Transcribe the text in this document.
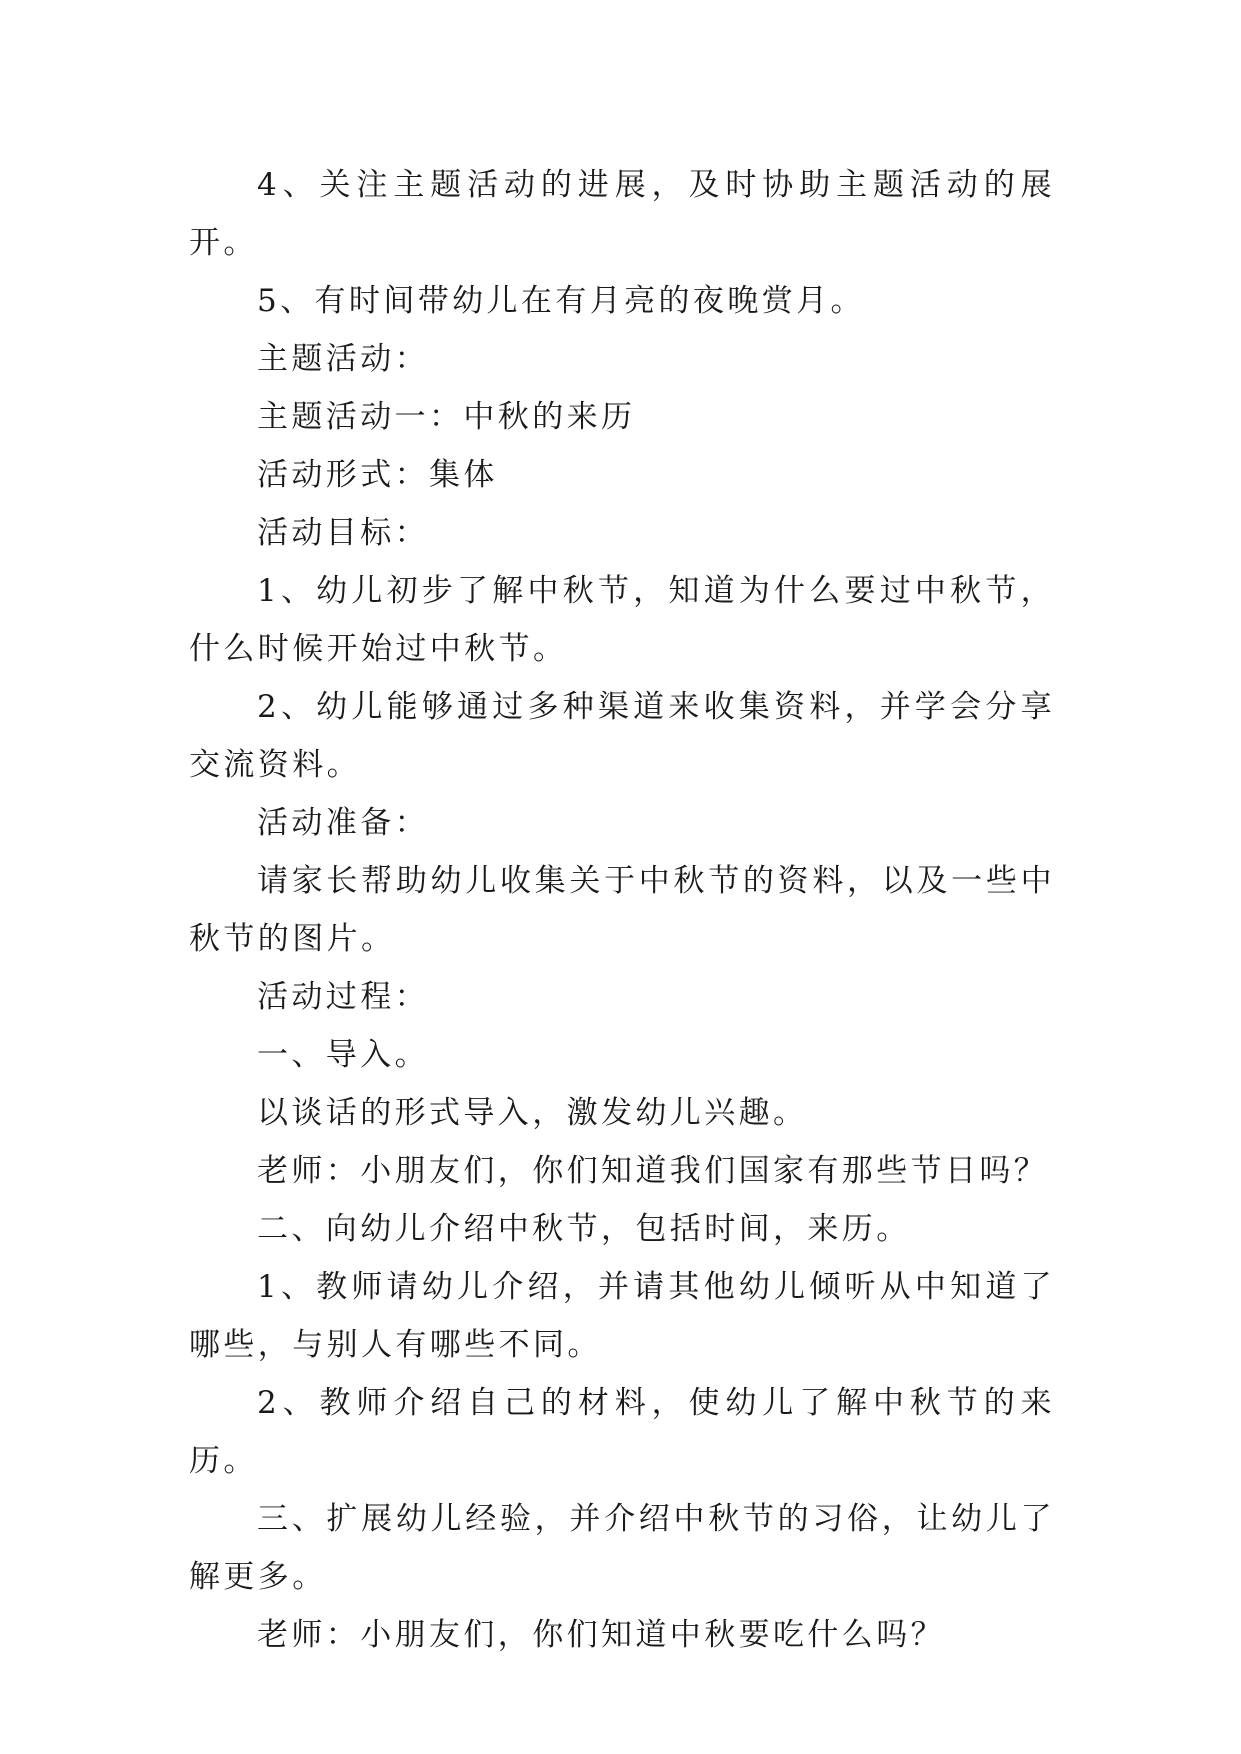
4、关注主题活动的进展，及时协助主题活动的展开。

5、有时间带幼儿在有月亮的夜晚赏月。

主题活动：

主题活动一：中秋的来历

活动形式：集体

活动目标：

1、幼儿初步了解中秋节，知道为什么要过中秋节，什么时候开始过中秋节。

2、幼儿能够通过多种渠道来收集资料，并学会分享交流资料。

活动准备：

请家长帮助幼儿收集关于中秋节的资料，以及一些中秋节的图片。

活动过程：

一、导入。

以谈话的形式导入，激发幼儿兴趣。

老师：小朋友们，你们知道我们国家有那些节日吗？

二、向幼儿介绍中秋节，包括时间，来历。

1、教师请幼儿介绍，并请其他幼儿倾听从中知道了哪些，与别人有哪些不同。

2、教师介绍自己的材料，使幼儿了解中秋节的来历。

三、扩展幼儿经验，并介绍中秋节的习俗，让幼儿了解更多。

老师：小朋友们，你们知道中秋要吃什么吗？
